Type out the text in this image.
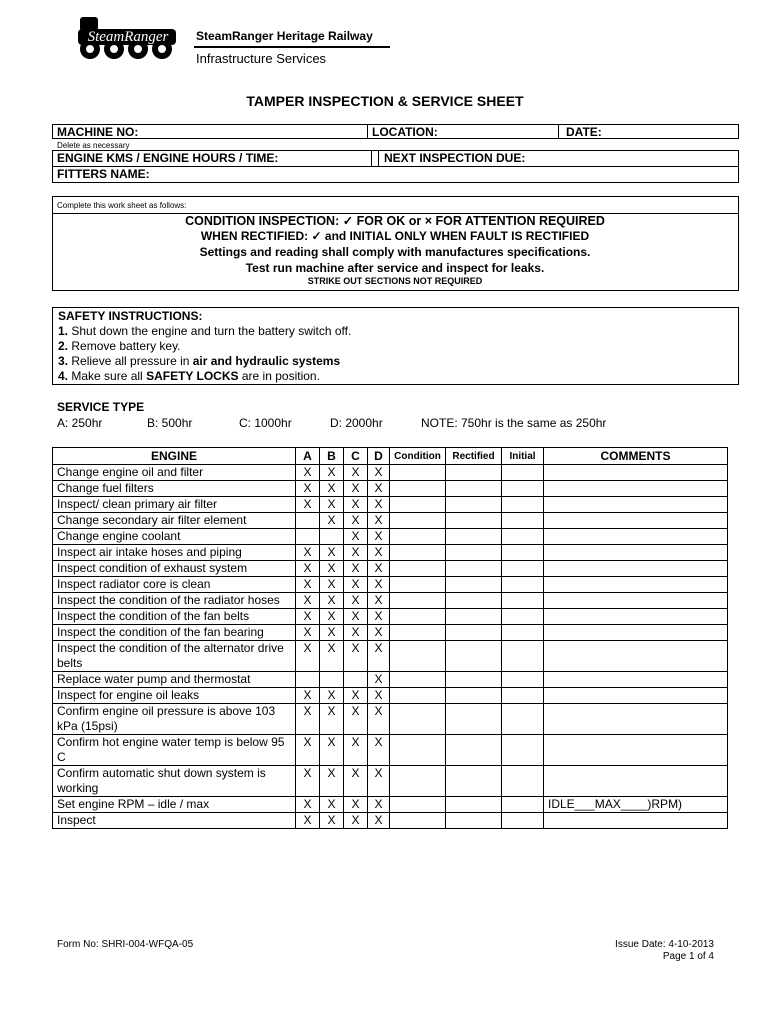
SteamRanger SteamRanger Heritage Railway
Infrastructure Services
TAMPER INSPECTION & SERVICE SHEET
MACHINE NO:	LOCATION:	DATE:
Delete as necessary
ENGINE KMS / ENGINE HOURS / TIME:	NEXT INSPECTION DUE:
FITTERS NAME:
Complete this work sheet as follows:
CONDITION INSPECTION: ✓ FOR OK or × FOR ATTENTION REQUIRED
WHEN RECTIFIED: ✓ and INITIAL ONLY WHEN FAULT IS RECTIFIED
Settings and reading shall comply with manufactures specifications.
Test run machine after service and inspect for leaks.
STRIKE OUT SECTIONS NOT REQUIRED
SAFETY INSTRUCTIONS:
1. Shut down the engine and turn the battery switch off.
2. Remove battery key.
3. Relieve all pressure in air and hydraulic systems
4. Make sure all SAFETY LOCKS are in position.
SERVICE TYPE
A: 250hr	B: 500hr	C: 1000hr	D: 2000hr	NOTE: 750hr is the same as 250hr
ENGINE	A	B	C	D	Condition	Rectified	Initial	COMMENTS
Change engine oil and filter	X	X	X	X				
Change fuel filters	X	X	X	X				
Inspect/ clean primary air filter	X	X	X	X				
Change secondary air filter element		X	X	X				
Change engine coolant			X	X				
Inspect air intake hoses and piping	X	X	X	X				
Inspect condition of exhaust system	X	X	X	X				
Inspect radiator core is clean	X	X	X	X				
Inspect the condition of the radiator hoses	X	X	X	X				
Inspect the condition of the fan belts	X	X	X	X				
Inspect the condition of the fan bearing	X	X	X	X				
Inspect the condition of the alternator drive belts	X	X	X	X				
Replace water pump and thermostat				X				
Inspect for engine oil leaks	X	X	X	X				
Confirm engine oil pressure is above 103 kPa (15psi)	X	X	X	X				
Confirm hot engine water temp is below 95 C	X	X	X	X				
Confirm automatic shut down system is working	X	X	X	X				
Set engine RPM – idle / max	X	X	X	X				IDLE___MAX____)RPM)
Inspect	X	X	X	X				
Form No: SHRI-004-WFQA-05	Issue Date: 4-10-2013
Page 1 of 4
